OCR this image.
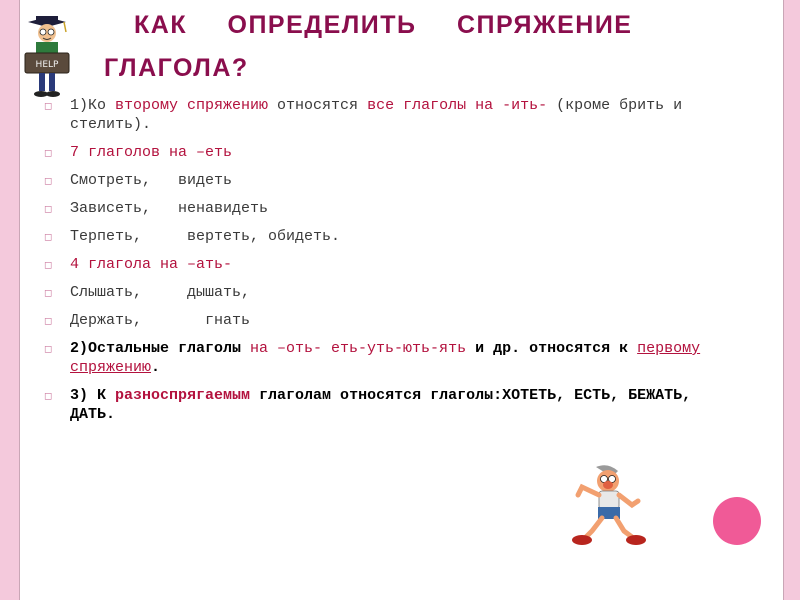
HELP
КАК ОПРЕДЕЛИТЬ СПРЯЖЕНИЕ
ГЛАГОЛА?
◻ 1)Ко второму спряжению относятся все глаголы на -ить- (кроме брить и стелить).
◻ 7 глаголов на –еть
◻ Смотреть, видеть
◻ Зависеть, ненавидеть
◻ Терпеть,	вертеть, обидеть.
◻ 4 глагола на –ать-
◻ Слышать,	дышать,
◻ Держать,	гнать
◻ 2)Остальные глаголы на –оть- еть-уть-ють-ять и др. относятся к первому спряжению.
◻ 3) К разноспрягаемым глаголам относятся глаголы:ХОТЕТЬ, ЕСТЬ, БЕЖАТЬ, ДАТЬ.
